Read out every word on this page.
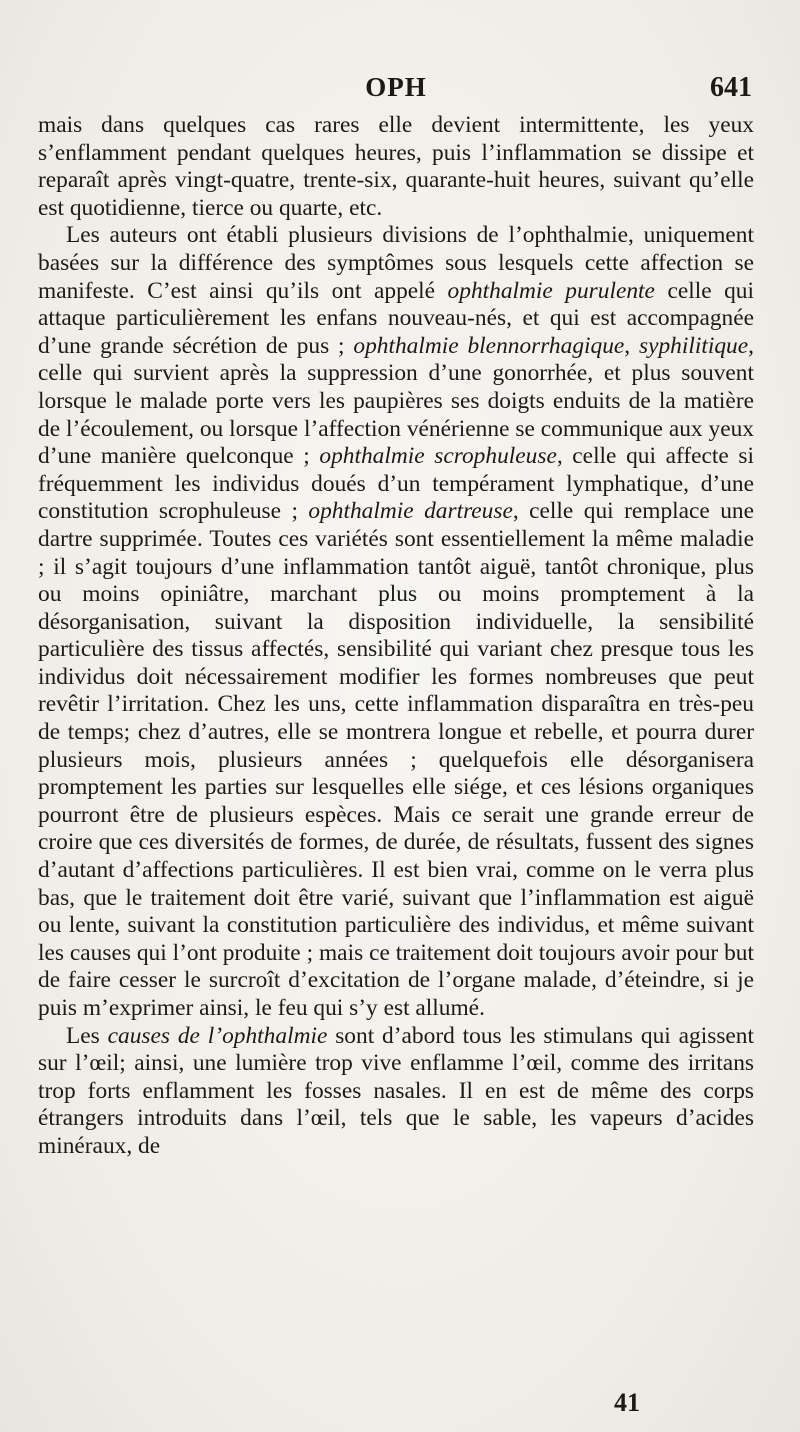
OPH	641

mais dans quelques cas rares elle devient intermittente, les yeux s’enflamment pendant quelques heures, puis l’inflammation se dissipe et reparaît après vingt-quatre, trente-six, quarante-huit heures, suivant qu’elle est quotidienne, tierce ou quarte, etc.

Les auteurs ont établi plusieurs divisions de l’ophthalmie, uniquement basées sur la différence des symptômes sous lesquels cette affection se manifeste. C’est ainsi qu’ils ont appelé ophthalmie purulente celle qui attaque particulièrement les enfans nouveau-nés, et qui est accompagnée d’une grande sécrétion de pus ; ophthalmie blennorrhagique, syphilitique, celle qui survient après la suppression d’une gonorrhée, et plus souvent lorsque le malade porte vers les paupières ses doigts enduits de la matière de l’écoulement, ou lorsque l’affection vénérienne se communique aux yeux d’une manière quelconque ; ophthalmie scrophuleuse, celle qui affecte si fréquemment les individus doués d’un tempérament lymphatique, d’une constitution scrophuleuse ; ophthalmie dartreuse, celle qui remplace une dartre supprimée. Toutes ces variétés sont essentiellement la même maladie ; il s’agit toujours d’une inflammation tantôt aiguë, tantôt chronique, plus ou moins opiniâtre, marchant plus ou moins promptement à la désorganisation, suivant la disposition individuelle, la sensibilité particulière des tissus affectés, sensibilité qui variant chez presque tous les individus doit nécessairement modifier les formes nombreuses que peut revêtir l’irritation. Chez les uns, cette inflammation disparaîtra en très-peu de temps; chez d’autres, elle se montrera longue et rebelle, et pourra durer plusieurs mois, plusieurs années ; quelquefois elle désorganisera promptement les parties sur lesquelles elle siége, et ces lésions organiques pourront être de plusieurs espèces. Mais ce serait une grande erreur de croire que ces diversités de formes, de durée, de résultats, fussent des signes d’autant d’affections particulières. Il est bien vrai, comme on le verra plus bas, que le traitement doit être varié, suivant que l’inflammation est aiguë ou lente, suivant la constitution particulière des individus, et même suivant les causes qui l’ont produite ; mais ce traitement doit toujours avoir pour but de faire cesser le surcroît d’excitation de l’organe malade, d’éteindre, si je puis m’exprimer ainsi, le feu qui s’y est allumé.

Les causes de l’ophthalmie sont d’abord tous les stimulans qui agissent sur l’œil; ainsi, une lumière trop vive enflamme l’œil, comme des irritans trop forts enflamment les fosses nasales. Il en est de même des corps étrangers introduits dans l’œil, tels que le sable, les vapeurs d’acides minéraux, de

41
